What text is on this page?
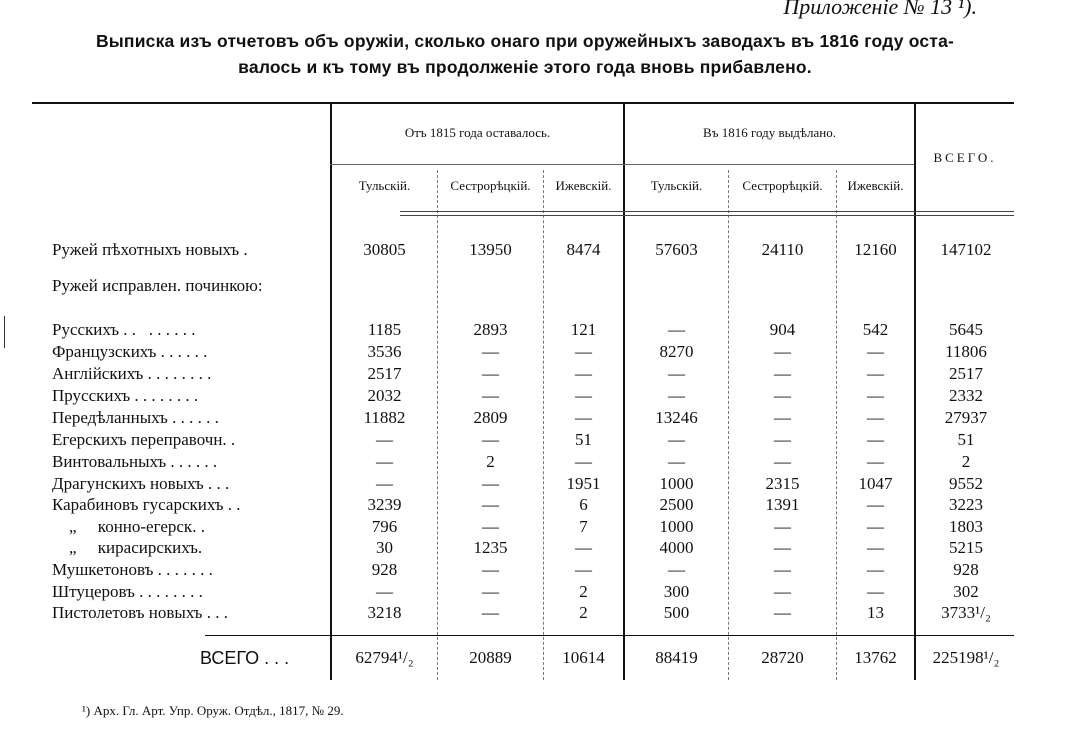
Приложеніе № 13 ¹).
Выписка изъ отчетовъ объ оружіи, сколько онаго при оружейныхъ заводахъ въ 1816 году оста-
валось и къ тому въ продолженіе этого года вновь прибавлено.
Отъ 1815 года оставалось.	Въ 1816 году выдѣлано.
ВСЕГО.
Тульскій.	Сестрорѣцкій.	Ижевскій.	Тульскій.	Сестрорѣцкій.	Ижевскій.
Ружей пѣхотныхъ новыхъ .	30805	13950	8474	57603	24110	12160	147102
Ружей исправлен. починкою:
Русскихъ . .   . . . . . .	1185	2893	121	—	904	542	5645
Французскихъ . . . . . .	3536	—	—	8270	—	—	11806
Англійскихъ . . . . . . . .	2517	—	—	—	—	—	2517
Прусскихъ . . . . . . . .	2032	—	—	—	—	—	2332
Передѣланныхъ . . . . . .	11882	2809	—	13246	—	—	27937
Егерскихъ переправочн. .	—	—	51	—	—	—	51
Винтовальныхъ . . . . . .	—	2	—	—	—	—	2
Драгунскихъ новыхъ . . .	—	—	1951	1000	2315	1047	9552
Карабиновъ гусарскихъ . .	3239	—	6	2500	1391	—	3223
„     конно-егерск. .	796	—	7	1000	—	—	1803
„     кирасирскихъ.	30	1235	—	4000	—	—	5215
Мушкетоновъ . . . . . . .	928	—	—	—	—	—	928
Штуцеровъ . . . . . . . .	—	—	2	300	—	—	302
Пистолетовъ новыхъ . . .	3218	—	2	500	—	13	3733¹/₂
ВСЕГО . . .	62794¹/₂	20889	10614	88419	28720	13762	225198¹/₂
¹) Арх. Гл. Арт. Упр. Оруж. Отдѣл., 1817, № 29.
